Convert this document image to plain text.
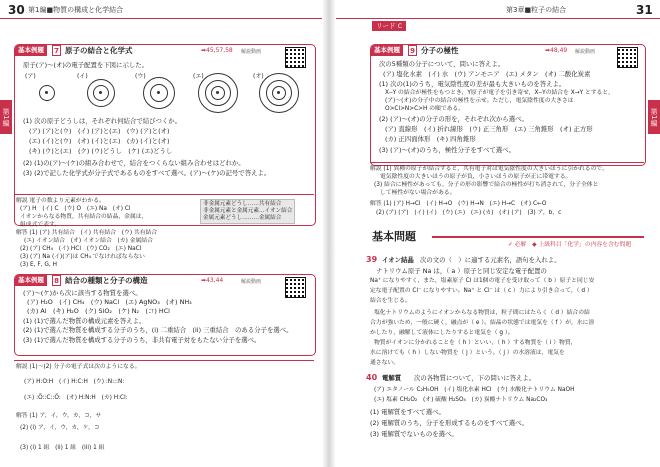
30 第1編■物質の構成と化学結合
第1編
基本例題	7 原子の結合と化学式	➡45,57,58 解説動画
原子(ア)～(オ)の電子配置を下図に示した。
(ア)	(イ)	(ウ)	(エ)	(オ)
(1) 次の原子どうしは，それぞれ何結合で結びつくか。
(ア) (ア)と(ウ)　(イ) (ア)と(エ)　(ウ) (ア)と(オ)
(エ) (イ)と(ウ)　(オ) (イ)と(エ)　(カ) (イ)と(オ)
(キ) (ウ)と(エ)　(ク) (ウ)どうし　(ケ) (エ)どうし
(2) (1)の(ア)～(ケ)の組み合わせで，結合をつくらない組み合わせはどれか。
(3) (2)で記した化学式が分子式であるものをすべて選べ。(ア)～(ケ)の記号で答えよ。
解説 電子の数より元素がわかる。
(ア) H　(イ) C　(ウ) O　(エ) Na　(オ) Cl
イオンからなる物質，共有結合の結晶，金属は，
組成式で表す。
解答 (1) (ア) 共有結合　(イ) 共有結合　(ウ) 共有結合
(エ) イオン結合　(オ) イオン結合　(カ) 金属結合
(2) (ア) CH₄　(イ) HCl　(ウ) CO₂　(エ) NaCl
(3) (ア) Na (イ)(ア)は CH₄ でなければならない
(3) E, F, G, H
非金属元素どうし……共有結合
非金属元素と金属元素…イオン結合
金属元素どうし………金属結合
基本例題	8 結合の種類と分子の構造	➡43,44	解説動画
(ア)～(ケ)から次に該当する物質を選べ。
(ア) H₂O　(イ) CH₄　(ウ) NaCl　(エ) AgNO₃　(オ) NH₃
(カ) Al　(キ) H₂O　(ク) SiO₂　(ケ) N₂　(コ) HCl
(1) (1)で選んだ物質の構成元素を答えよ。
(2) (1)で選んだ物質を構成する分子のうち，(i) 二重結合　(ii) 三重結合　のある分子を選べ。
(3) (1)で選んだ物質を構成する分子のうち，非共有電子対をもたない分子を選べ。
解説 (1)～(2) 分子の電子式は次のようになる。
(ア) H:O:H　(イ) H:C:H　(ウ) :N:::N:
(エ) :Ö::C::Ö:　(オ) H:N:H　(カ) H:Cl:
解答 (1) ア，イ，ウ，カ，コ，サ
(2) (i) ア，イ，ウ，カ，ケ，コ
(3) (i) 1 組　(ii) 1 組　(iii) 1 組
第3章■粒子の結合	31
リード C
第1編
基本例題	9 分子の極性	➡48,49 解説動画
次の5種類の分子について，問いに答えよ。
(ア) 塩化水素　(イ) 水　(ウ) アンモニア　(エ) メタン　(オ) 二酸化炭素
(1) 次の(1)のうち，電気陰性度の差が最も大きいものを答えよ。
X‒Y の結合が極性をもつとき，Y原子が電子を引き寄せ，X‒Yの結合を X→Y とすると，
(ア)～(オ)の分子中の結合の極性を示せ。ただし，電気陰性度の大きさは
O>Cl>N>C>H の順である。
(2) (ア)～(オ)の分子の形を，それぞれ次から選べ。
(ア) 直線形　(イ) 折れ線形　(ウ) 正三角形　(エ) 三角錐形　(オ) 正方形
(カ) 正四面体形　(キ) 四角錐形
(3) (ア)～(オ)のうち，極性分子をすべて選べ。
解説 (1) 異種の原子が結合すると，共有電子対は電気陰性度の大きいほうに引かれるので，
電気陰性度の大きいほうの原子が負，小さいほうの原子が正に帯電する。
(3) 結合に極性があっても，分子の形の影響で結合の極性が打ち消されて，分子全体と
して極性がない場合がある。
解答 (1) (ア) H→Cl　(イ) H→O　(ウ) H→N　(エ) H→C　(オ) C←O
(2) (ア) (ア)　(イ) (イ)　(ウ) (エ)　(エ) (カ)　(オ) (ア)　(3) ア，b，c
基本問題
✓ 必解　◆ 上級科目「化学」の内容を含む問題
39 イオン結晶 次の文の（　）に適する元素名，語句を入れよ。
ナトリウム原子 Na は，（ a ）原子と同じ安定な電子配置の
Na⁺ になりやすく，また，塩素原子 Cl は1個の電子を受け取って（ b ）原子と同じ安
定な電子配置の Cl⁻ になりやすい。Na⁺ と Cl⁻ は（ c ）力により引き合って，（ d ）
結合を生じる。
塩化ナトリウムのようにイオンからなる物質は，粒子間にはたらく（ d ）結合の結
合力が強いため，一般に硬く，融点が（ e ）。結晶の状態では電気を（ f ）が，水に溶
かしたり，融解して液体にしたりすると電気を（ g ）。
物質がイオンに分かれることを（ h ）といい，（ h ）する物質を（ i ）物質，
水に溶けても（ h ）しない物質を（ j ）という。（ j ）の水溶液は，電気を
通さない。
40 電解質 次の各物質について，下の問いに答えよ。
(ア) エタノール C₂H₅OH　(イ) 塩化水素 HCl　(ウ) 水酸化ナトリウム NaOH
(エ) 塩素 CH₂O₂　(オ) 硫酸 H₂SO₄　(カ) 炭酸ナトリウム Na₂CO₃
(1) 電解質をすべて選べ。
(2) 電解質のうち，分子を形成するものをすべて選べ。
(3) 電解質でないものを選べ。
